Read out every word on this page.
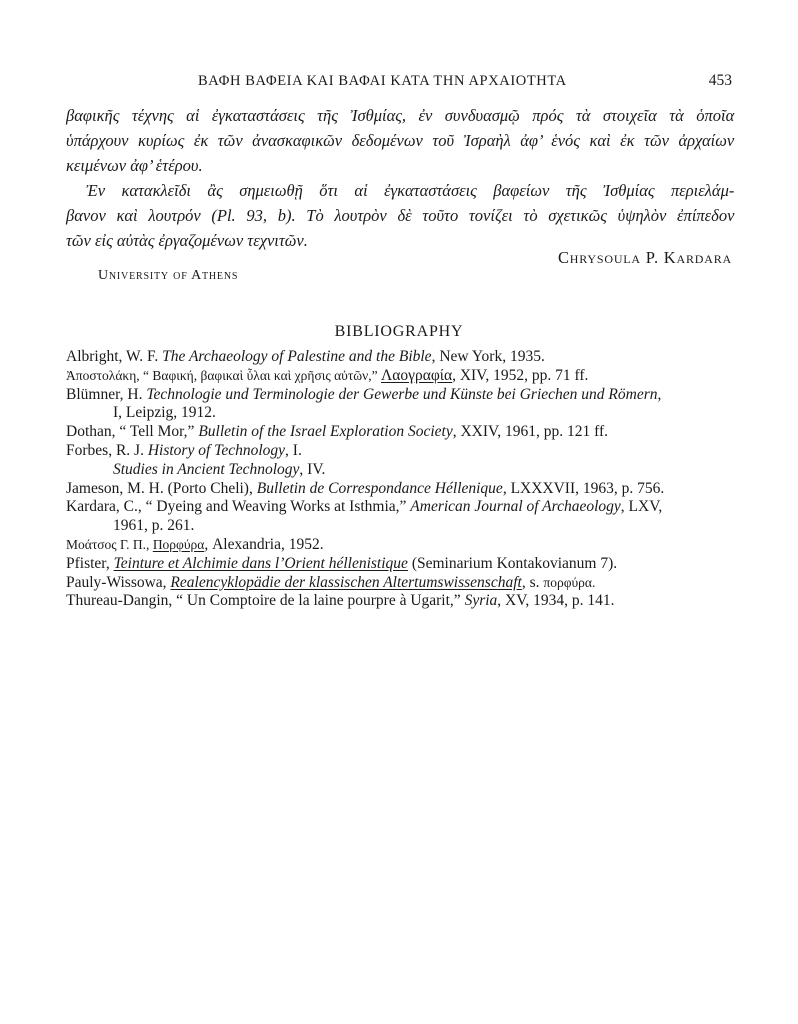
ΒΑΦΗ ΒΑΦΕΙΑ ΚΑΙ ΒΑΦΑΙ ΚΑΤΑ ΤΗΝ ΑΡΧΑΙΟΤΗΤΑ	453

βαφικῆς τέχνης αἱ ἐγκαταστάσεις τῆς Ἰσθμίας, ἐν συνδυασμῷ πρός τὰ στοιχεῖα τὰ ὁποῖα

ὑπάρχουν κυρίως ἐκ τῶν ἀνασκαφικῶν δεδομένων τοῦ Ἰσραὴλ ἀφ’ ἑνός καὶ ἐκ τῶν ἀρχαίων

κειμένων ἀφ’ ἑτέρου.

Ἐν κατακλεῖδι ἂς σημειωθῇ ὅτι αἱ ἐγκαταστάσεις βαφείων τῆς Ἰσθμίας περιελάμ-

βανον καὶ λουτρόν (Pl. 93, b). Τὸ λουτρὸν δὲ τοῦτο τονίζει τὸ σχετικῶς ὑψηλὸν ἐπίπεδον

τῶν εἰς αὐτὰς ἐργαζομένων τεχνιτῶν.

Chrysoula P. Kardara
University of Athens
BIBLIOGRAPHY
Albright, W. F. The Archaeology of Palestine and the Bible, New York, 1935.
Ἀποστολάκη, “ Βαφική, βαφικαὶ ὗλαι καὶ χρῆσις αὐτῶν,” Λαογραφία, XIV, 1952, pp. 71 ff.
Blümner, H. Technologie und Terminologie der Gewerbe und Künste bei Griechen und Römern,
I, Leipzig, 1912.
Dothan, “ Tell Mor,” Bulletin of the Israel Exploration Society, XXIV, 1961, pp. 121 ff.
Forbes, R. J. History of Technology, I.
Studies in Ancient Technology, IV.
Jameson, M. H. (Porto Cheli), Bulletin de Correspondance Héllenique, LXXXVII, 1963, p. 756.
Kardara, C., “ Dyeing and Weaving Works at Isthmia,” American Journal of Archaeology, LXV,
1961, p. 261.
Μοάτσος Γ. Π., Πορφύρα, Alexandria, 1952.
Pfister, Teinture et Alchimie dans l’Orient héllenistique (Seminarium Kontakovianum 7).
Pauly-Wissowa, Realencyklopädie der klassischen Altertumswissenschaft, s. πορφύρα.
Thureau-Dangin, “ Un Comptoire de la laine pourpre à Ugarit,” Syria, XV, 1934, p. 141.
